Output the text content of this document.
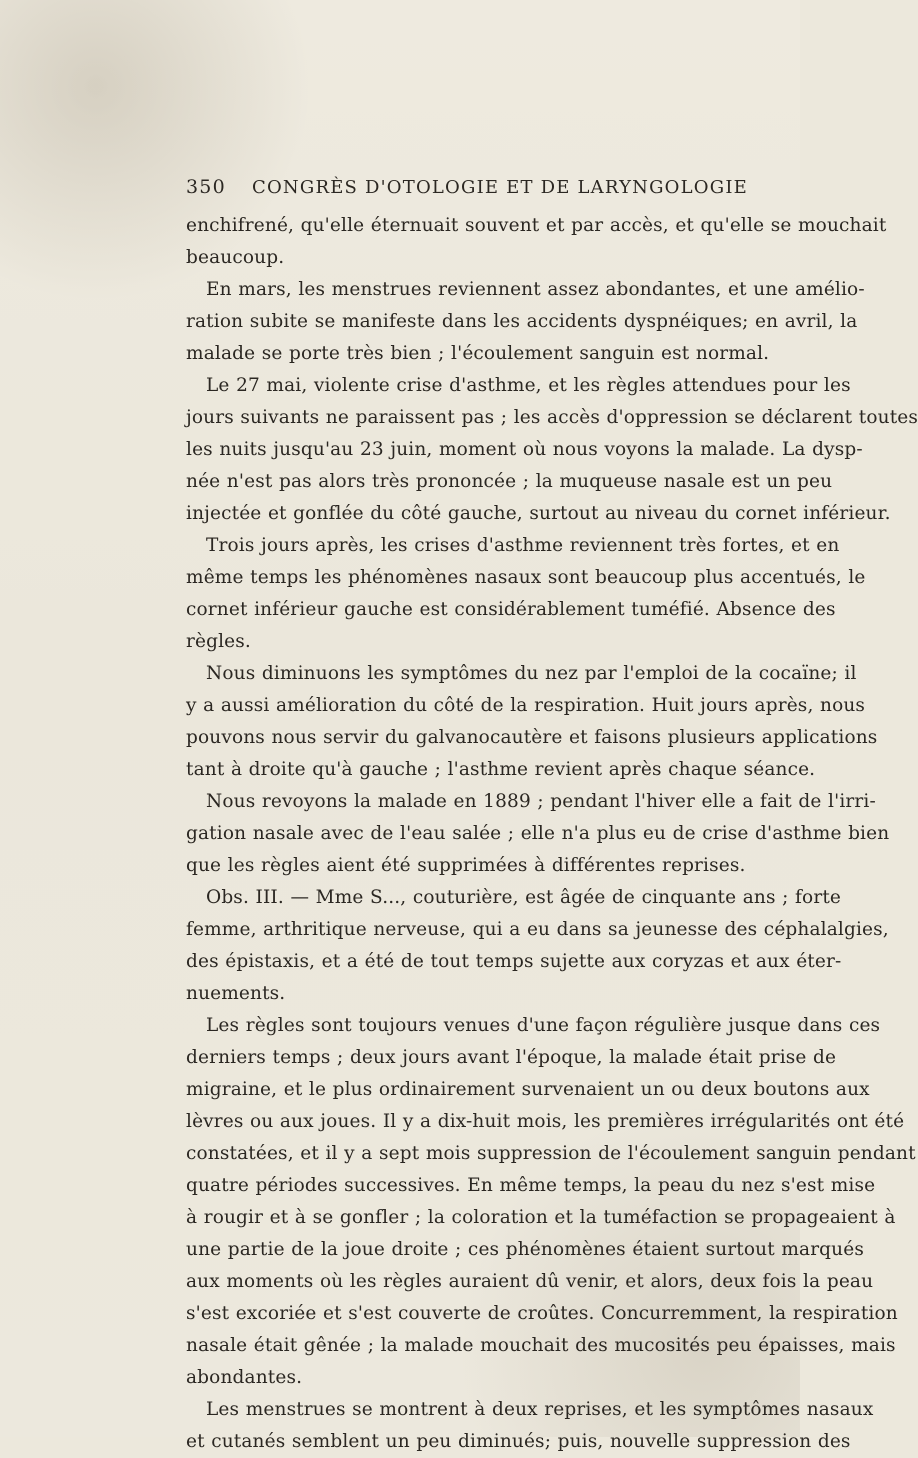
350 CONGRÈS D'OTOLOGIE ET DE LARYNGOLOGIE
enchifrené, qu'elle éternuait souvent et par accès, et qu'elle se mouchait
beaucoup.
En mars, les menstrues reviennent assez abondantes, et une amélio-
ration subite se manifeste dans les accidents dyspnéiques; en avril, la
malade se porte très bien ; l'écoulement sanguin est normal.
Le 27 mai, violente crise d'asthme, et les règles attendues pour les
jours suivants ne paraissent pas ; les accès d'oppression se déclarent toutes
les nuits jusqu'au 23 juin, moment où nous voyons la malade. La dysp-
née n'est pas alors très prononcée ; la muqueuse nasale est un peu
injectée et gonflée du côté gauche, surtout au niveau du cornet inférieur.
Trois jours après, les crises d'asthme reviennent très fortes, et en
même temps les phénomènes nasaux sont beaucoup plus accentués, le
cornet inférieur gauche est considérablement tuméfié. Absence des
règles.
Nous diminuons les symptômes du nez par l'emploi de la cocaïne; il
y a aussi amélioration du côté de la respiration. Huit jours après, nous
pouvons nous servir du galvanocautère et faisons plusieurs applications
tant à droite qu'à gauche ; l'asthme revient après chaque séance.
Nous revoyons la malade en 1889 ; pendant l'hiver elle a fait de l'irri-
gation nasale avec de l'eau salée ; elle n'a plus eu de crise d'asthme bien
que les règles aient été supprimées à différentes reprises.
Obs. III. — Mme S..., couturière, est âgée de cinquante ans ; forte
femme, arthritique nerveuse, qui a eu dans sa jeunesse des céphalalgies,
des épistaxis, et a été de tout temps sujette aux coryzas et aux éter-
nuements.
Les règles sont toujours venues d'une façon régulière jusque dans ces
derniers temps ; deux jours avant l'époque, la malade était prise de
migraine, et le plus ordinairement survenaient un ou deux boutons aux
lèvres ou aux joues. Il y a dix-huit mois, les premières irrégularités ont été
constatées, et il y a sept mois suppression de l'écoulement sanguin pendant
quatre périodes successives. En même temps, la peau du nez s'est mise
à rougir et à se gonfler ; la coloration et la tuméfaction se propageaient à
une partie de la joue droite ; ces phénomènes étaient surtout marqués
aux moments où les règles auraient dû venir, et alors, deux fois la peau
s'est excoriée et s'est couverte de croûtes. Concurremment, la respiration
nasale était gênée ; la malade mouchait des mucosités peu épaisses, mais
abondantes.
Les menstrues se montrent à deux reprises, et les symptômes nasaux
et cutanés semblent un peu diminués; puis, nouvelle suppression des
